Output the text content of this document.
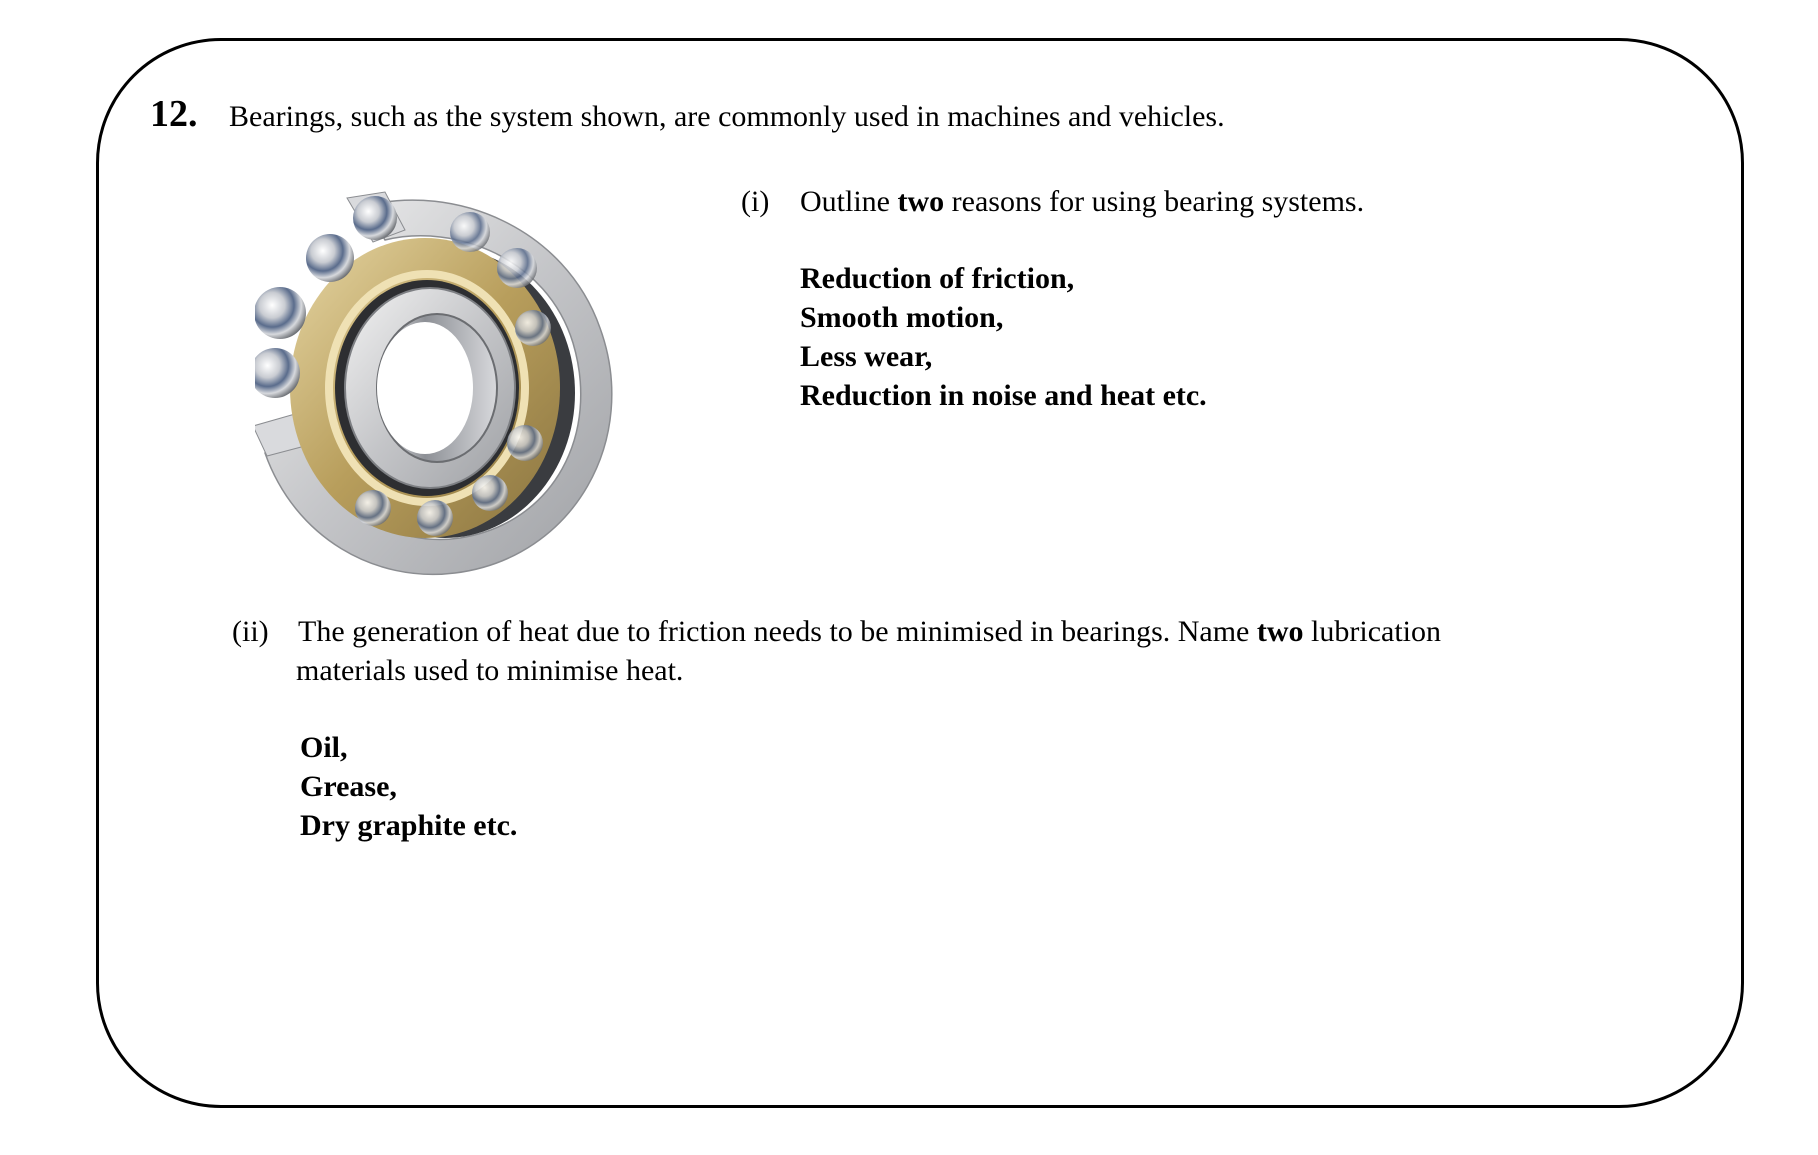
12. Bearings, such as the system shown, are commonly used in machines and vehicles.
(i) Outline two reasons for using bearing systems.
Reduction of friction,
Smooth motion,
Less wear,
Reduction in noise and heat etc.
(ii) The generation of heat due to friction needs to be minimised in bearings. Name two lubrication
materials used to minimise heat.
Oil,
Grease,
Dry graphite etc.
